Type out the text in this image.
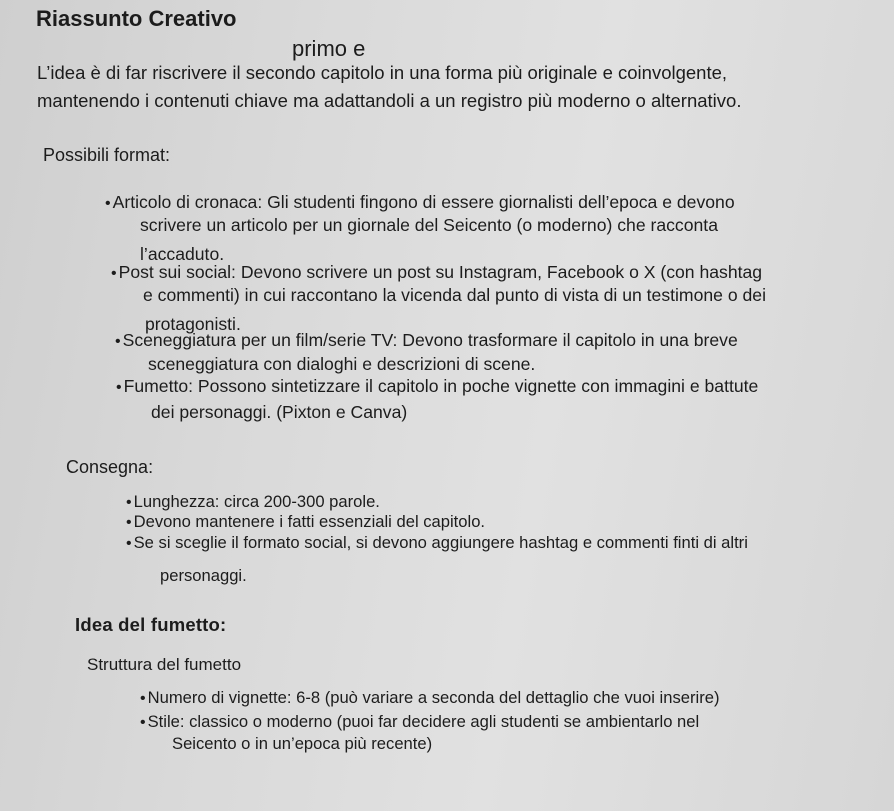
Riassunto Creativo
primo e

L’idea è di far riscrivere il secondo capitolo in una forma più originale e coinvolgente,

mantenendo i contenuti chiave ma adattandoli a un registro più moderno o alternativo.

Possibili format:
• Articolo di cronaca: Gli studenti fingono di essere giornalisti dell’epoca e devono
scrivere un articolo per un giornale del Seicento (o moderno) che racconta
l’accaduto.
• Post sui social: Devono scrivere un post su Instagram, Facebook o X (con hashtag
e commenti) in cui raccontano la vicenda dal punto di vista di un testimone o dei
protagonisti.
• Sceneggiatura per un film/serie TV: Devono trasformare il capitolo in una breve
sceneggiatura con dialoghi e descrizioni di scene.
• Fumetto: Possono sintetizzare il capitolo in poche vignette con immagini e battute
dei personaggi. (Pixton e Canva)
Consegna:
• Lunghezza: circa 200-300 parole.
• Devono mantenere i fatti essenziali del capitolo.
• Se si sceglie il formato social, si devono aggiungere hashtag e commenti finti di altri
personaggi.
Idea del fumetto:
Struttura del fumetto
• Numero di vignette: 6-8 (può variare a seconda del dettaglio che vuoi inserire)
• Stile: classico o moderno (puoi far decidere agli studenti se ambientarlo nel
Seicento o in un’epoca più recente)
